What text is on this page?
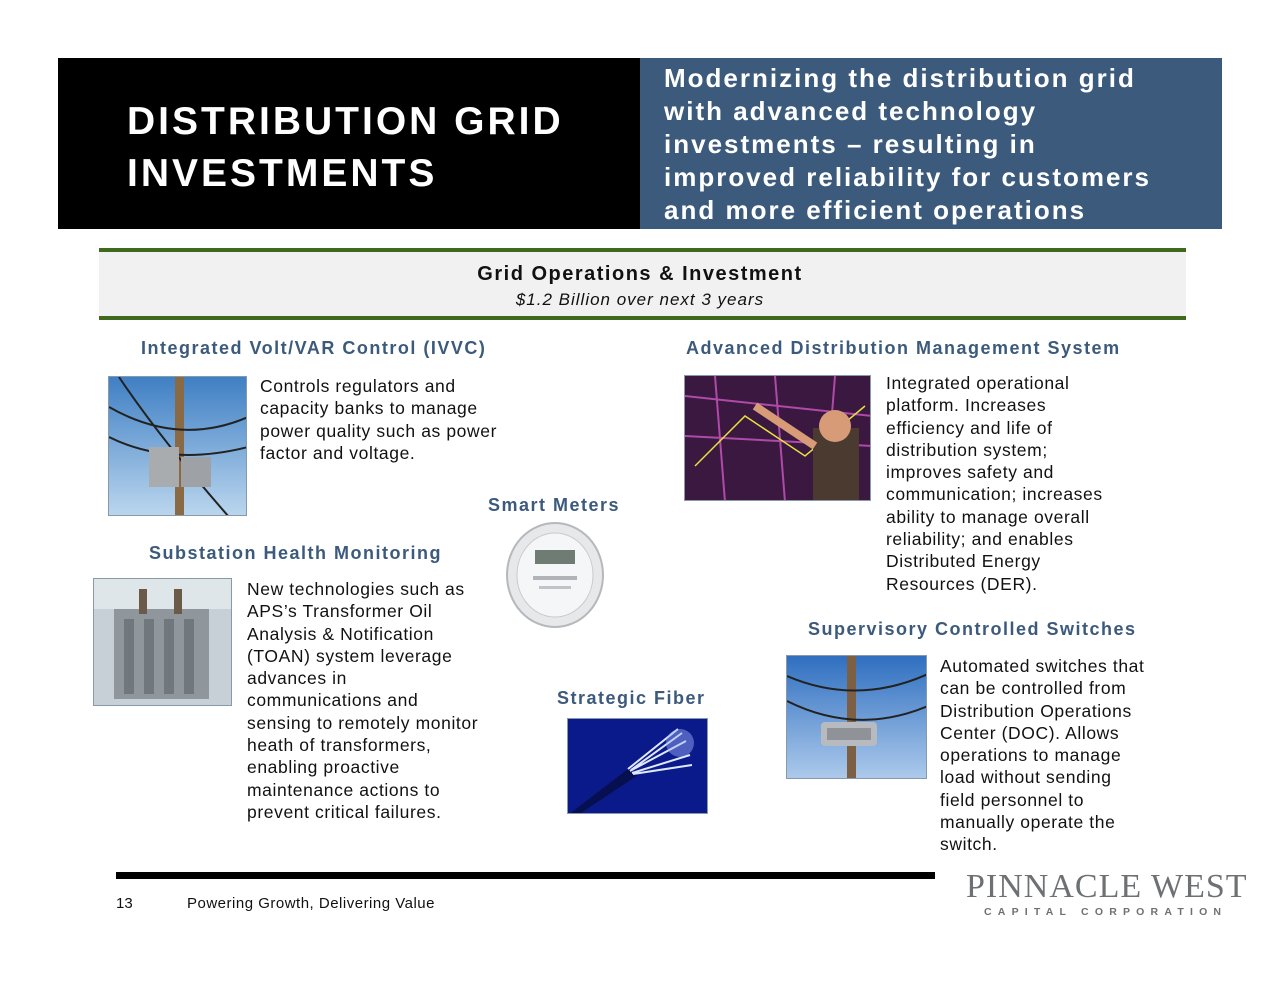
DISTRIBUTION GRID
INVESTMENTS

Modernizing the distribution grid
with advanced technology
investments – resulting in
improved reliability for customers
and more efficient operations

Grid Operations & Investment
$1.2 Billion over next 3 years
Integrated Volt/VAR Control (IVVC)

Controls regulators and
capacity banks to manage
power quality such as power
factor and voltage.

Smart Meters
Substation Health Monitoring

New technologies such as
APS’s Transformer Oil
Analysis & Notification
(TOAN) system leverage
advances in
communications and
sensing to remotely monitor
heath of transformers,
enabling proactive
maintenance actions to
prevent critical failures.

Strategic Fiber
Advanced Distribution Management System

Integrated operational
platform. Increases
efficiency and life of
distribution system;
improves safety and
communication; increases
ability to manage overall
reliability; and enables
Distributed Energy
Resources (DER).

Supervisory Controlled Switches

Automated switches that
can be controlled from
Distribution Operations
Center (DOC). Allows
operations to manage
load without sending
field personnel to
manually operate the
switch.

13	Powering Growth, Delivering Value	PINNACLE WEST
CAPITAL CORPORATION
